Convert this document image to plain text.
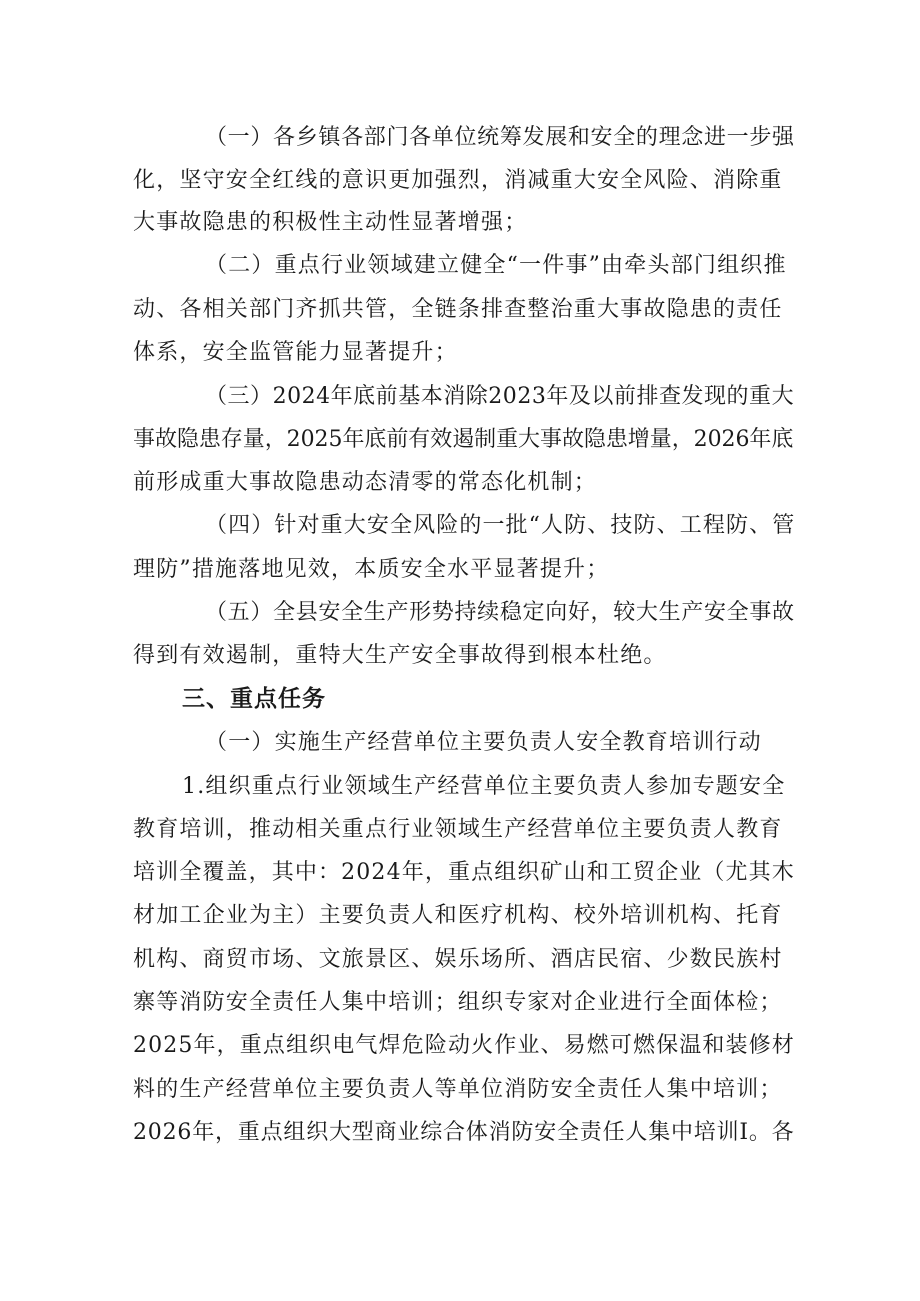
（一）各乡镇各部门各单位统筹发展和安全的理念进一步强
化，坚守安全红线的意识更加强烈，消减重大安全风险、消除重
大事故隐患的积极性主动性显著增强；
（二）重点行业领域建立健全“一件事”由牵头部门组织推
动、各相关部门齐抓共管，全链条排查整治重大事故隐患的责任
体系，安全监管能力显著提升；
（三）2024年底前基本消除2023年及以前排查发现的重大
事故隐患存量，2025年底前有效遏制重大事故隐患增量，2026年底
前形成重大事故隐患动态清零的常态化机制；
（四）针对重大安全风险的一批“人防、技防、工程防、管
理防”措施落地见效，本质安全水平显著提升；
（五）全县安全生产形势持续稳定向好，较大生产安全事故
得到有效遏制，重特大生产安全事故得到根本杜绝。
三、重点任务
（一）实施生产经营单位主要负责人安全教育培训行动
1.组织重点行业领域生产经营单位主要负责人参加专题安全
教育培训，推动相关重点行业领域生产经营单位主要负责人教育
培训全覆盖，其中：2024年，重点组织矿山和工贸企业（尤其木
材加工企业为主）主要负责人和医疗机构、校外培训机构、托育
机构、商贸市场、文旅景区、娱乐场所、酒店民宿、少数民族村
寨等消防安全责任人集中培训；组织专家对企业进行全面体检；
2025年，重点组织电气焊危险动火作业、易燃可燃保温和装修材
料的生产经营单位主要负责人等单位消防安全责任人集中培训；
2026年，重点组织大型商业综合体消防安全责任人集中培训I。各
